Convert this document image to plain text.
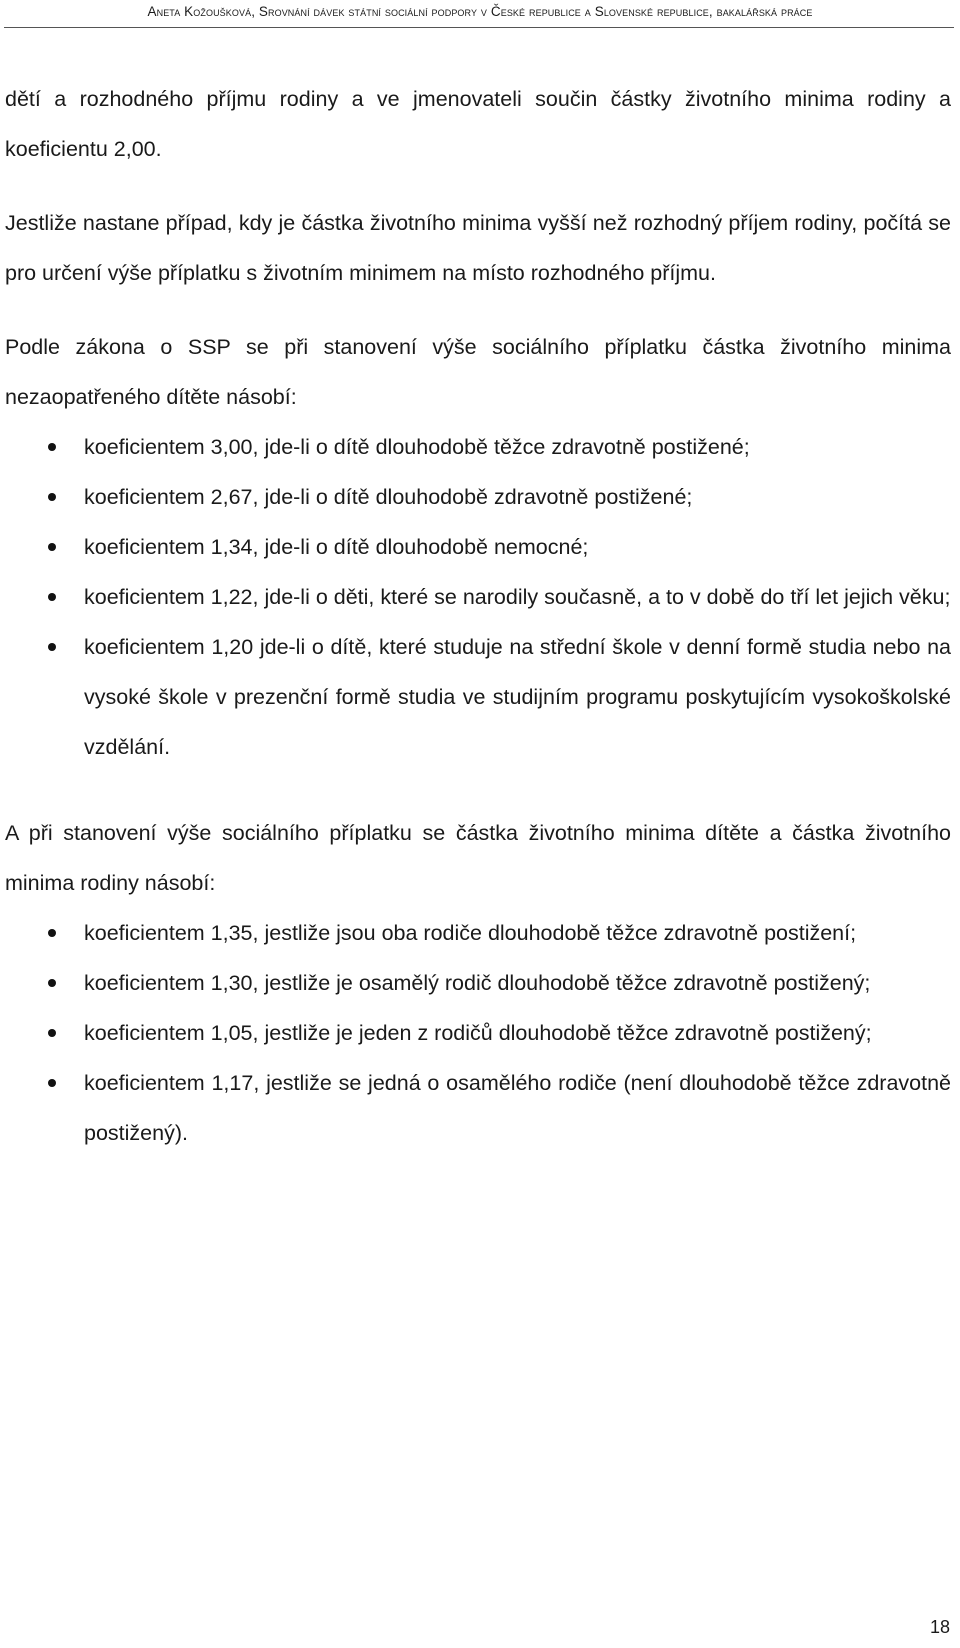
Aneta Kožoušková, Srovnání dávek státní sociální podpory v České republice a Slovenské republice, bakalářská práce

dětí a rozhodného příjmu rodiny a ve jmenovateli součin částky životního minima rodiny a koeficientu 2,00.

Jestliže nastane případ, kdy je částka životního minima vyšší než rozhodný příjem rodiny, počítá se pro určení výše příplatku s životním minimem na místo rozhodného příjmu.

Podle zákona o SSP se při stanovení výše sociálního příplatku částka životního minima nezaopatřeného dítěte násobí:

koeficientem 3,00, jde-li o dítě dlouhodobě těžce zdravotně postižené;
koeficientem 2,67, jde-li o dítě dlouhodobě zdravotně postižené;
koeficientem 1,34, jde-li o dítě dlouhodobě nemocné;
koeficientem 1,22, jde-li o děti, které se narodily současně, a to v době do tří let jejich věku;
koeficientem 1,20 jde-li o dítě, které studuje na střední škole v denní formě studia nebo na vysoké škole v prezenční formě studia ve studijním programu poskytujícím vysokoškolské vzdělání.

A při stanovení výše sociálního příplatku se částka životního minima dítěte a částka životního minima rodiny násobí:

koeficientem 1,35, jestliže jsou oba rodiče dlouhodobě těžce zdravotně postižení;
koeficientem 1,30, jestliže je osamělý rodič dlouhodobě těžce zdravotně postižený;
koeficientem 1,05, jestliže je jeden z rodičů dlouhodobě těžce zdravotně postižený;
koeficientem 1,17, jestliže se jedná o osamělého rodiče (není dlouhodobě těžce zdravotně postižený).
18
